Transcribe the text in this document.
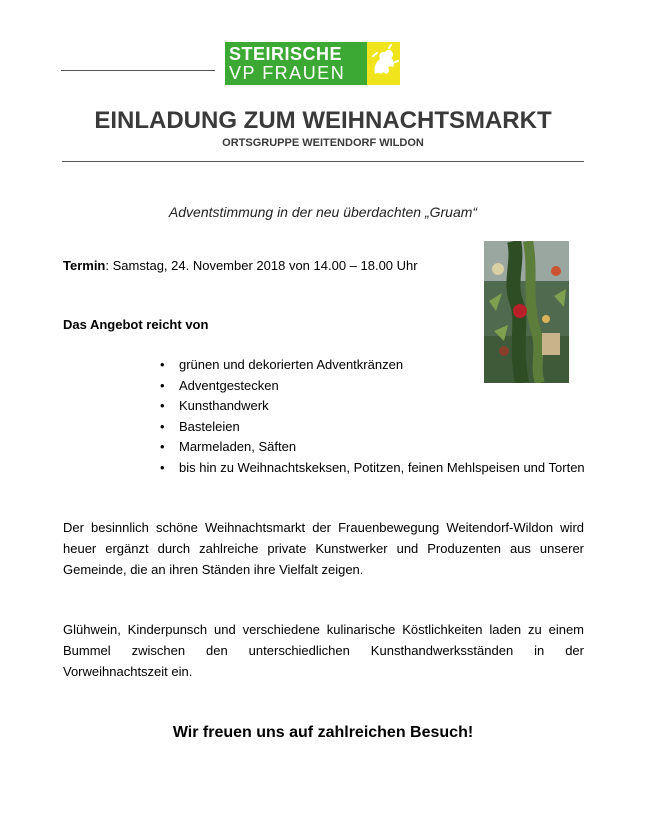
STEIRISCHE
VP FRAUEN
EINLADUNG ZUM WEIHNACHTSMARKT
ORTSGRUPPE WEITENDORF WILDON
Adventstimmung in der neu überdachten „Gruam“
Termin: Samstag, 24. November 2018 von 14.00 – 18.00 Uhr
Das Angebot reicht von
• grünen und dekorierten Adventkränzen
• Adventgestecken
• Kunsthandwerk
• Basteleien
• Marmeladen, Säften
• bis hin zu Weihnachtskeksen, Potitzen, feinen Mehlspeisen und Torten

Der besinnlich schöne Weihnachtsmarkt der Frauenbewegung Weitendorf-Wildon wird heuer ergänzt durch zahlreiche private Kunstwerker und Produzenten aus unserer Gemeinde, die an ihren Ständen ihre Vielfalt zeigen.

Glühwein, Kinderpunsch und verschiedene kulinarische Köstlichkeiten laden zu einem Bummel zwischen den unterschiedlichen Kunsthandwerksständen in der Vorweihnachtszeit ein.

Wir freuen uns auf zahlreichen Besuch!
